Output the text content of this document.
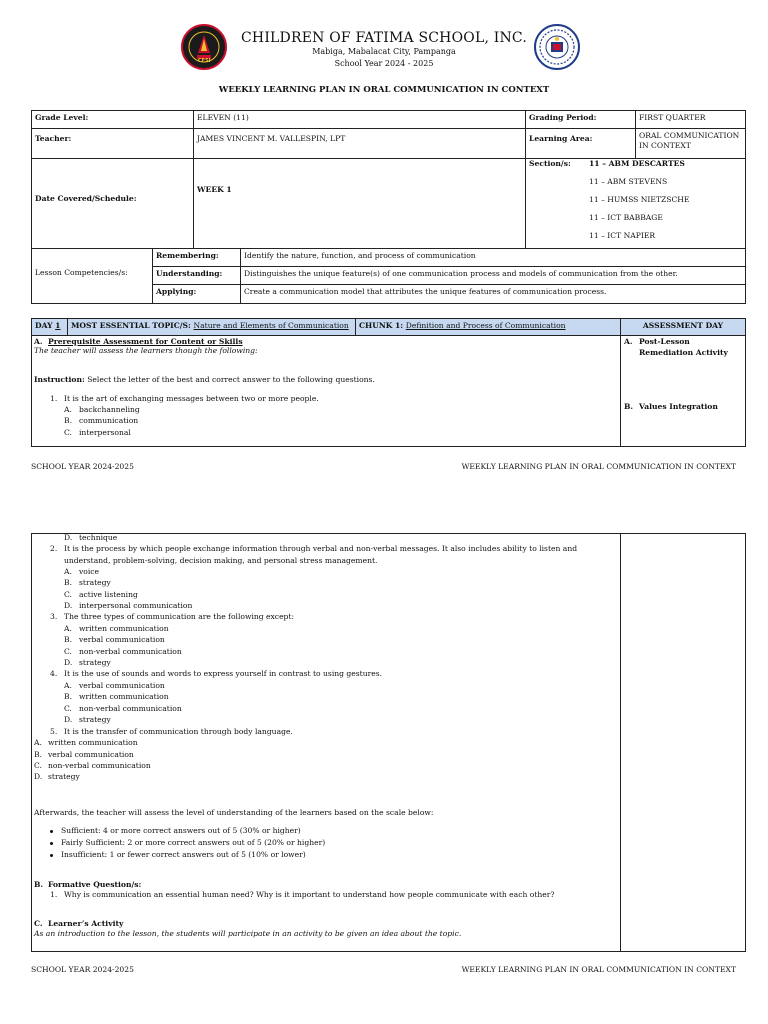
CFSI
CHILDREN OF FATIMA SCHOOL, INC.
Mabiga, Mabalacat City, Pampanga
School Year 2024 - 2025
WEEKLY LEARNING PLAN IN ORAL COMMUNICATION IN CONTEXT
Grade Level:	ELEVEN (11)	Grading Period:	FIRST QUARTER
Teacher:	JAMES VINCENT M. VALLESPIN, LPT	Learning Area:	ORAL COMMUNICATION IN CONTEXT
Date Covered/Schedule:
WEEK 1
Section/s: 11 – ABM DESCARTES
11 – ABM STEVENS
11 – HUMSS NIETZSCHE
11 – ICT BABBAGE
11 – ICT NAPIER
Lesson Competencies/s:
Remembering:	Identify the nature, function, and process of communication
Understanding:	Distinguishes the unique feature(s) of one communication process and models of communication from the other.
Applying:	Create a communication model that attributes the unique features of communication process.
DAY 1	MOST ESSENTIAL TOPIC/S: Nature and Elements of Communication	CHUNK 1: Definition and Process of Communication	ASSESSMENT DAY
A. Prerequisite Assessment for Content or Skills
The teacher will assess the learners though the following:
Instruction: Select the letter of the best and correct answer to the following questions.
1. It is the art of exchanging messages between two or more people.
A. backchanneling
B. communication
C. interpersonal
A. Post-Lesson
Remediation Activity
B. Values Integration
SCHOOL YEAR 2024-2025	WEEKLY LEARNING PLAN IN ORAL COMMUNICATION IN CONTEXT
D. technique
2. It is the process by which people exchange information through verbal and non-verbal messages. It also includes ability to listen and
understand, problem-solving, decision making, and personal stress management.
A. voice
B. strategy
C. active listening
D. interpersonal communication
3. The three types of communication are the following except:
A. written communication
B. verbal communication
C. non-verbal communication
D. strategy
4. It is the use of sounds and words to express yourself in contrast to using gestures.
A. verbal communication
B. written communication
C. non-verbal communication
D. strategy
5. It is the transfer of communication through body language.
A. written communication
B. verbal communication
C. non-verbal communication
D. strategy
Afterwards, the teacher will assess the level of understanding of the learners based on the scale below:
Sufficient: 4 or more correct answers out of 5 (30% or higher)
Fairly Sufficient: 2 or more correct answers out of 5 (20% or higher)
Insufficient: 1 or fewer correct answers out of 5 (10% or lower)
B. Formative Question/s:
1. Why is communication an essential human need? Why is it important to understand how people communicate with each other?
C. Learner’s Activity
As an introduction to the lesson, the students will participate in an activity to be given an idea about the topic.
SCHOOL YEAR 2024-2025	WEEKLY LEARNING PLAN IN ORAL COMMUNICATION IN CONTEXT
